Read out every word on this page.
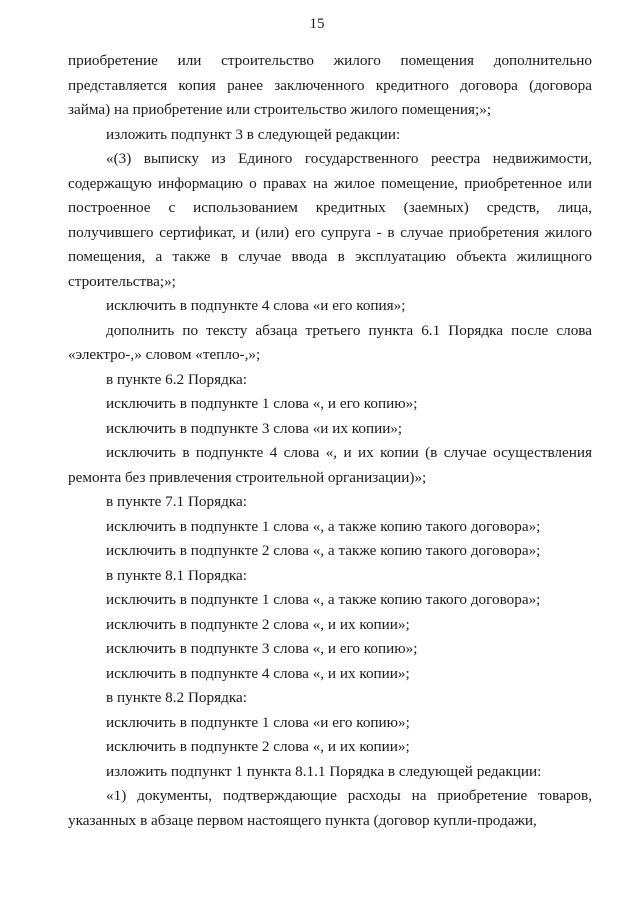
15

приобретение или строительство жилого помещения дополнительно представляется копия ранее заключенного кредитного договора (договора займа) на приобретение или строительство жилого помещения;»;

изложить подпункт 3 в следующей редакции:

«(3) выписку из Единого государственного реестра недвижимости, содержащую информацию о правах на жилое помещение, приобретенное или построенное с использованием кредитных (заемных) средств, лица, получившего сертификат, и (или) его супруга - в случае приобретения жилого помещения, а также в случае ввода в эксплуатацию объекта жилищного строительства;»;

исключить в подпункте 4 слова «и его копия»;

дополнить по тексту абзаца третьего пункта 6.1 Порядка после слова «электро-,» словом «тепло-,»;

в пункте 6.2 Порядка:

исключить в подпункте 1 слова «, и его копию»;

исключить в подпункте 3 слова «и их копии»;

исключить в подпункте 4 слова «, и их копии (в случае осуществления ремонта без привлечения строительной организации)»;

в пункте 7.1 Порядка:

исключить в подпункте 1 слова «, а также копию такого договора»;

исключить в подпункте 2 слова «, а также копию такого договора»;

в пункте 8.1 Порядка:

исключить в подпункте 1 слова «, а также копию такого договора»;

исключить в подпункте 2 слова «, и их копии»;

исключить в подпункте 3 слова «, и его копию»;

исключить в подпункте 4 слова «, и их копии»;

в пункте 8.2 Порядка:

исключить в подпункте 1 слова «и его копию»;

исключить в подпункте 2 слова «, и их копии»;

изложить подпункт 1 пункта 8.1.1 Порядка в следующей редакции:

«1) документы, подтверждающие расходы на приобретение товаров, указанных в абзаце первом настоящего пункта (договор купли-продажи,
